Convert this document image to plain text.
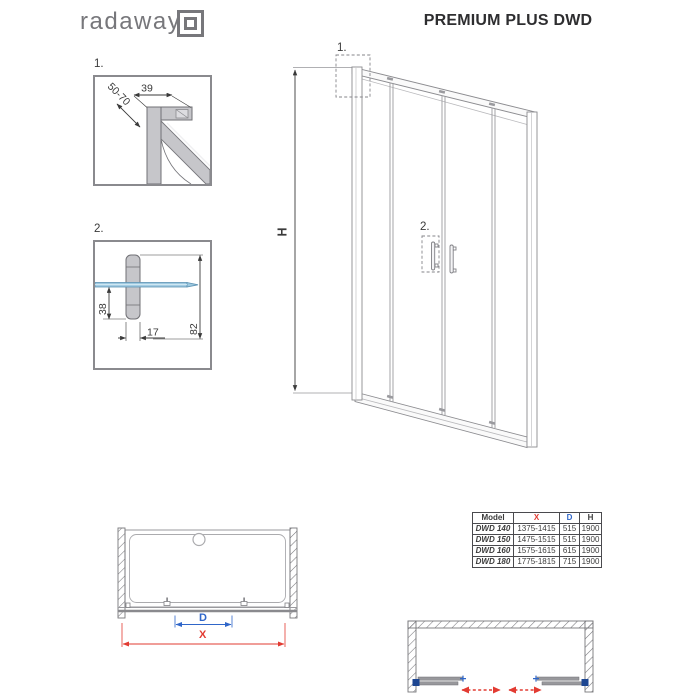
radaway	PREMIUM PLUS DWD
1.
39
50-70
2.
38
17	82
1.
2.
H
D
X
Model	X	D	H
DWD 140	1375-1415	515	1900
DWD 150	1475-1515	515	1900
DWD 160	1575-1615	615	1900
DWD 180	1775-1815	715	1900
